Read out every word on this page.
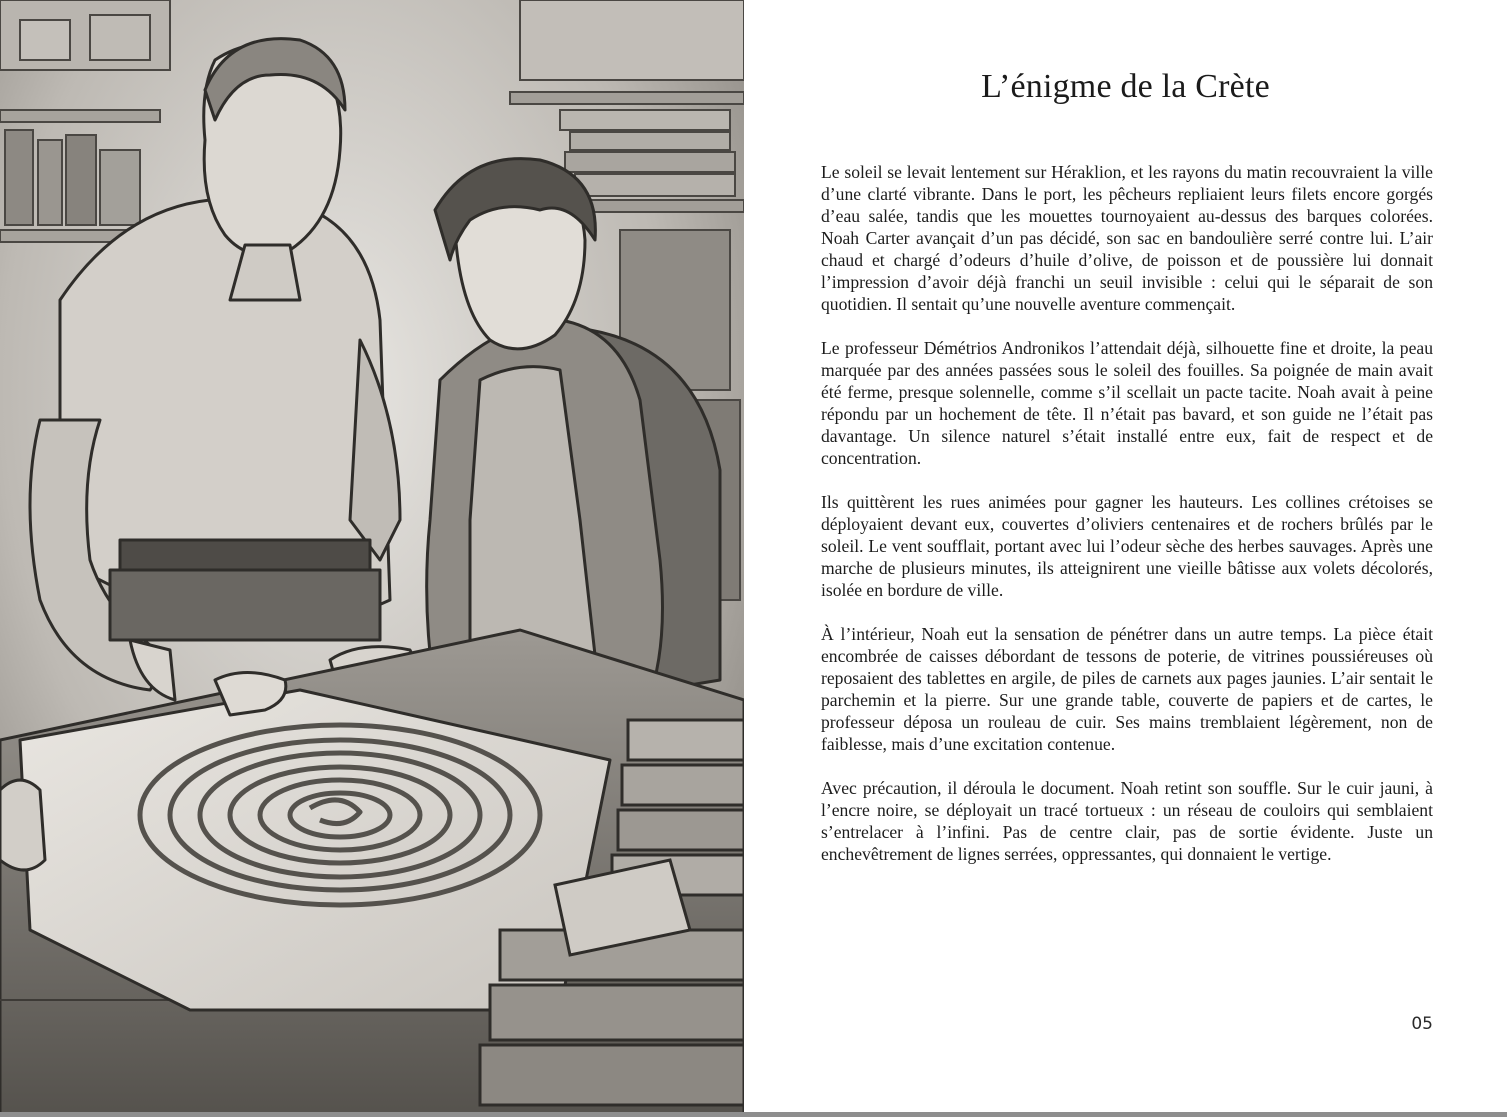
L’énigme de la Crète

Le soleil se levait lentement sur Héraklion, et les rayons du matin recouvraient la ville d’une clarté vibrante. Dans le port, les pêcheurs repliaient leurs filets encore gorgés d’eau salée, tandis que les mouettes tournoyaient au-dessus des barques colorées. Noah Carter avançait d’un pas décidé, son sac en bandoulière serré contre lui. L’air chaud et chargé d’odeurs d’huile d’olive, de poisson et de poussière lui donnait l’impression d’avoir déjà franchi un seuil invisible : celui qui le séparait de son quotidien. Il sentait qu’une nouvelle aventure commençait.

Le professeur Démétrios Andronikos l’attendait déjà, silhouette fine et droite, la peau marquée par des années passées sous le soleil des fouilles. Sa poignée de main avait été ferme, presque solennelle, comme s’il scellait un pacte tacite. Noah avait à peine répondu par un hochement de tête. Il n’était pas bavard, et son guide ne l’était pas davantage. Un silence naturel s’était installé entre eux, fait de respect et de concentration.

Ils quittèrent les rues animées pour gagner les hauteurs. Les collines crétoises se déployaient devant eux, couvertes d’oliviers centenaires et de rochers brûlés par le soleil. Le vent soufflait, portant avec lui l’odeur sèche des herbes sauvages. Après une marche de plusieurs minutes, ils atteignirent une vieille bâtisse aux volets décolorés, isolée en bordure de ville.

À l’intérieur, Noah eut la sensation de pénétrer dans un autre temps. La pièce était encombrée de caisses débordant de tessons de poterie, de vitrines poussiéreuses où reposaient des tablettes en argile, de piles de carnets aux pages jaunies. L’air sentait le parchemin et la pierre. Sur une grande table, couverte de papiers et de cartes, le professeur déposa un rouleau de cuir. Ses mains tremblaient légèrement, non de faiblesse, mais d’une excitation contenue.

Avec précaution, il déroula le document. Noah retint son souffle. Sur le cuir jauni, à l’encre noire, se déployait un tracé tortueux : un réseau de couloirs qui semblaient s’entrelacer à l’infini. Pas de centre clair, pas de sortie évidente. Juste un enchevêtrement de lignes serrées, oppressantes, qui donnaient le vertige.

05
